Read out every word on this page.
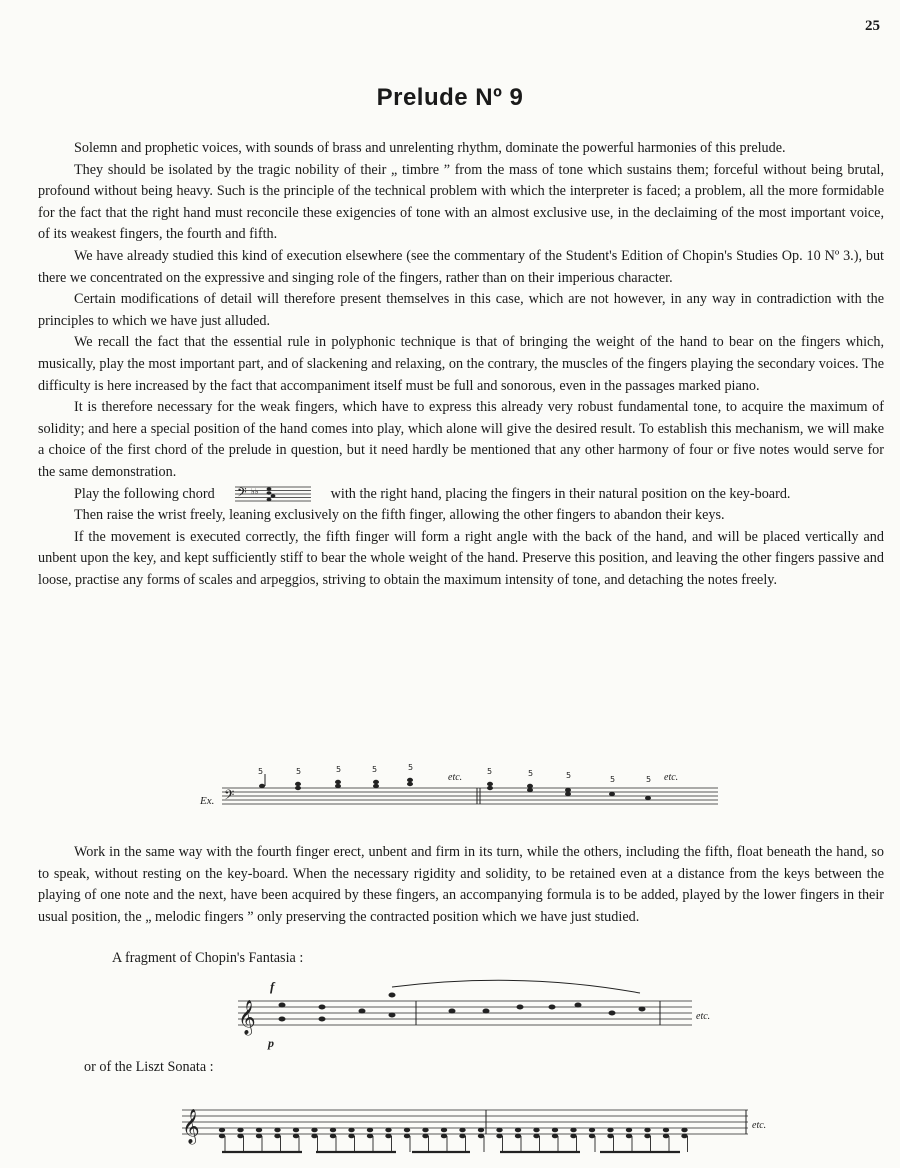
25
Prelude Nº 9

Solemn and prophetic voices, with sounds of brass and unrelenting rhythm, dominate the powerful harmonies of this prelude.

They should be isolated by the tragic nobility of their „ timbre ” from the mass of tone which sustains them; forceful without being brutal, profound without being heavy. Such is the principle of the technical problem with which the interpreter is faced; a problem, all the more formidable for the fact that the right hand must reconcile these exigencies of tone with an almost exclusive use, in the declaiming of the most important voice, of its weakest fingers, the fourth and fifth.

We have already studied this kind of execution elsewhere (see the commentary of the Student's Edition of Chopin's Studies Op. 10 Nº 3.), but there we concentrated on the expressive and singing role of the fingers, rather than on their imperious character.

Certain modifications of detail will therefore present themselves in this case, which are not however, in any way in contradiction with the principles to which we have just alluded.

We recall the fact that the essential rule in polyphonic technique is that of bringing the weight of the hand to bear on the fingers which, musically, play the most important part, and of slackening and relaxing, on the contrary, the muscles of the fingers playing the secondary voices. The difficulty is here increased by the fact that accompaniment itself must be full and sonorous, even in the passages marked piano.

It is therefore necessary for the weak fingers, which have to express this already very robust fundamental tone, to acquire the maximum of solidity; and here a special position of the hand comes into play, which alone will give the desired result. To establish this mechanism, we will make a choice of the first chord of the prelude in question, but it need hardly be mentioned that any other harmony of four or five notes would serve for the same demonstration.

Play the following chord 𝄢 ♭♭	with the right hand, placing the fingers in their natural position on the key-board.

Then raise the wrist freely, leaning exclusively on the fifth finger, allowing the other fingers to abandon their keys.

If the movement is executed correctly, the fifth finger will form a right angle with the back of the hand, and will be placed vertically and unbent upon the key, and kept sufficiently stiff to bear the whole weight of the hand. Preserve this position, and leaving the other fingers passive and loose, practise any forms of scales and arpeggios, striving to obtain the maximum intensity of tone, and detaching the notes freely.

Ex. 𝄢
etc.	etc.
5	5	5	5	5	5	5	5	5	5

Work in the same way with the fourth finger erect, unbent and firm in its turn, while the others, including the fifth, float beneath the hand, so to speak, without resting on the key-board. When the necessary rigidity and solidity, to be retained even at a distance from the keys between the playing of one note and the next, have been acquired by these fingers, an accompanying formula is to be added, played by the lower fingers in their usual position, the „ melodic fingers ” only preserving the contracted position which we have just studied.

A fragment of Chopin's Fantasia :
f
𝄞
p
etc.
or of the Liszt Sonata :
𝄞	etc.
